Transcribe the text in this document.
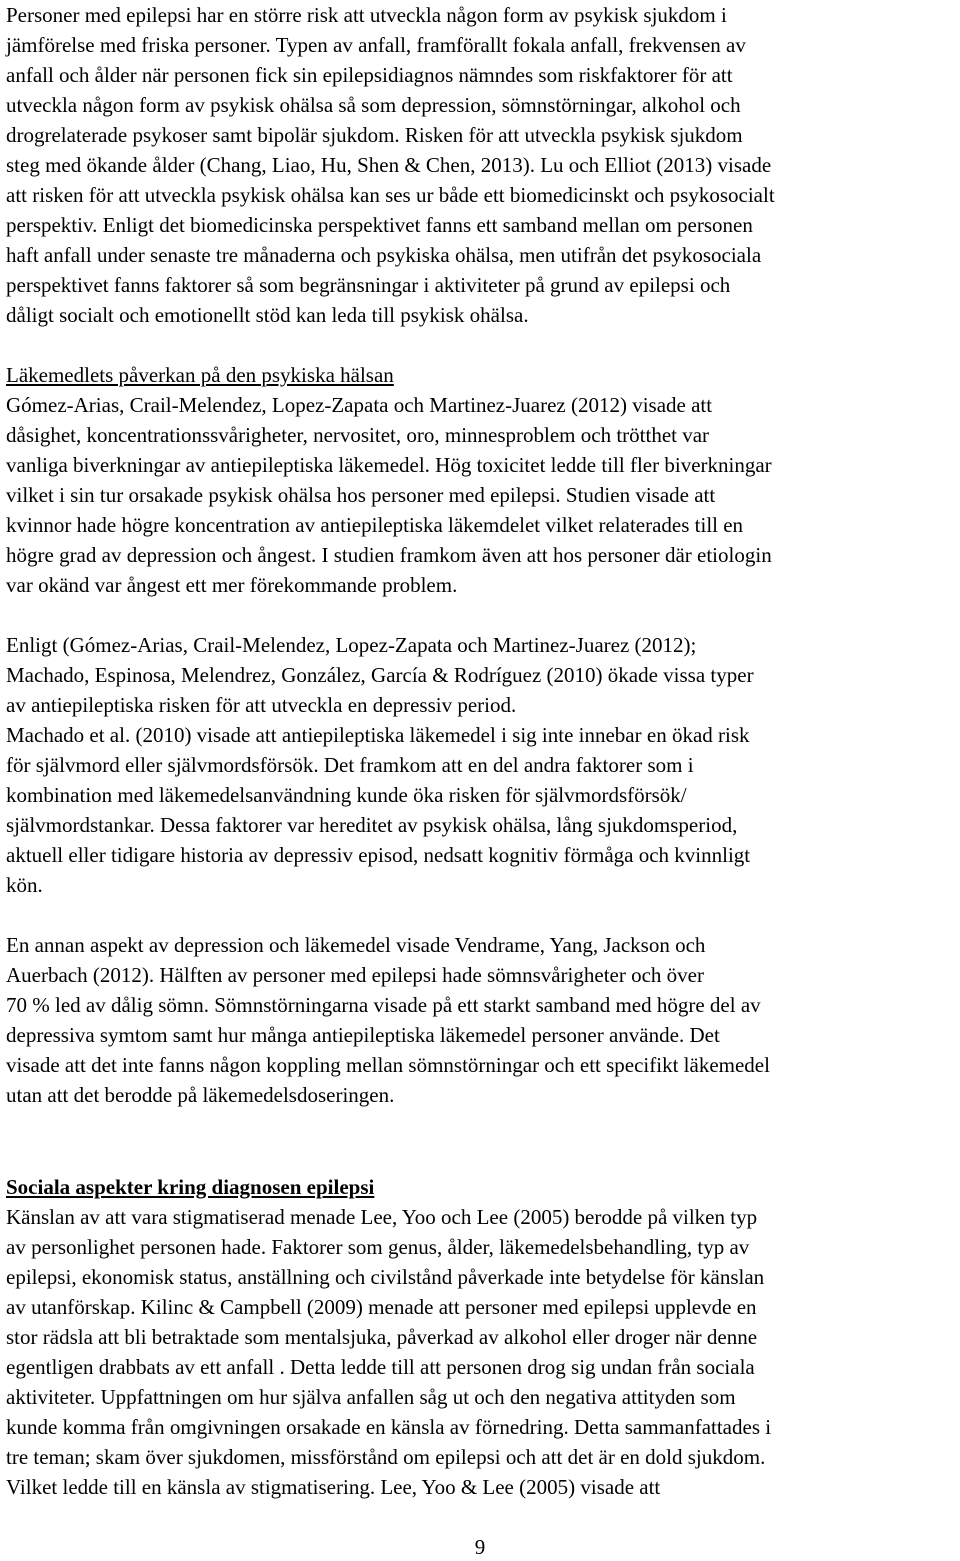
Personer med epilepsi har en större risk att utveckla någon form av psykisk sjukdom i
jämförelse med friska personer. Typen av anfall, framförallt fokala anfall, frekvensen av
anfall och ålder när personen fick sin epilepsidiagnos nämndes som riskfaktorer för att
utveckla någon form av psykisk ohälsa så som depression, sömnstörningar, alkohol och
drogrelaterade psykoser samt bipolär sjukdom. Risken för att utveckla psykisk sjukdom
steg med ökande ålder (Chang, Liao, Hu, Shen & Chen, 2013). Lu och Elliot (2013) visade
att risken för att utveckla psykisk ohälsa kan ses ur både ett biomedicinskt och psykosocialt
perspektiv. Enligt det biomedicinska perspektivet fanns ett samband mellan om personen
haft anfall under senaste tre månaderna och psykiska ohälsa, men utifrån det psykosociala
perspektivet fanns faktorer så som begränsningar i aktiviteter på grund av epilepsi och
dåligt socialt och emotionellt stöd kan leda till psykisk ohälsa.
Läkemedlets påverkan på den psykiska hälsan
Gómez-Arias, Crail-Melendez, Lopez-Zapata och Martinez-Juarez (2012) visade att
dåsighet, koncentrationssvårigheter, nervositet, oro, minnesproblem och trötthet var
vanliga biverkningar av antiepileptiska läkemedel. Hög toxicitet ledde till fler biverkningar
vilket i sin tur orsakade psykisk ohälsa hos personer med epilepsi. Studien visade att
kvinnor hade högre koncentration av antiepileptiska läkemdelet vilket relaterades till en
högre grad av depression och ångest. I studien framkom även att hos personer där etiologin
var okänd var ångest ett mer förekommande problem.
Enligt (Gómez-Arias, Crail-Melendez, Lopez-Zapata och Martinez-Juarez (2012);
Machado, Espinosa, Melendrez, González, García & Rodríguez (2010) ökade vissa typer
av antiepileptiska risken för att utveckla en depressiv period.
Machado et al. (2010) visade att antiepileptiska läkemedel i sig inte innebar en ökad risk
för självmord eller självmordsförsök. Det framkom att en del andra faktorer som i
kombination med läkemedelsanvändning kunde öka risken för självmordsförsök/
självmordstankar. Dessa faktorer var hereditet av psykisk ohälsa, lång sjukdomsperiod,
aktuell eller tidigare historia av depressiv episod, nedsatt kognitiv förmåga och kvinnligt
kön.
En annan aspekt av depression och läkemedel visade Vendrame, Yang, Jackson och
Auerbach (2012). Hälften av personer med epilepsi hade sömnsvårigheter och över
70 % led av dålig sömn. Sömnstörningarna visade på ett starkt samband med högre del av
depressiva symtom samt hur många antiepileptiska läkemedel personer använde. Det
visade att det inte fanns någon koppling mellan sömnstörningar och ett specifikt läkemedel
utan att det berodde på läkemedelsdoseringen.
Sociala aspekter kring diagnosen epilepsi
Känslan av att vara stigmatiserad menade Lee, Yoo och Lee (2005) berodde på vilken typ
av personlighet personen hade. Faktorer som genus, ålder, läkemedelsbehandling, typ av
epilepsi, ekonomisk status, anställning och civilstånd påverkade inte betydelse för känslan
av utanförskap. Kilinc & Campbell (2009) menade att personer med epilepsi upplevde en
stor rädsla att bli betraktade som mentalsjuka, påverkad av alkohol eller droger när denne
egentligen drabbats av ett anfall . Detta ledde till att personen drog sig undan från sociala
aktiviteter. Uppfattningen om hur själva anfallen såg ut och den negativa attityden som
kunde komma från omgivningen orsakade en känsla av förnedring. Detta sammanfattades i
tre teman; skam över sjukdomen, missförstånd om epilepsi och att det är en dold sjukdom.
Vilket ledde till en känsla av stigmatisering. Lee, Yoo & Lee (2005) visade att
9
